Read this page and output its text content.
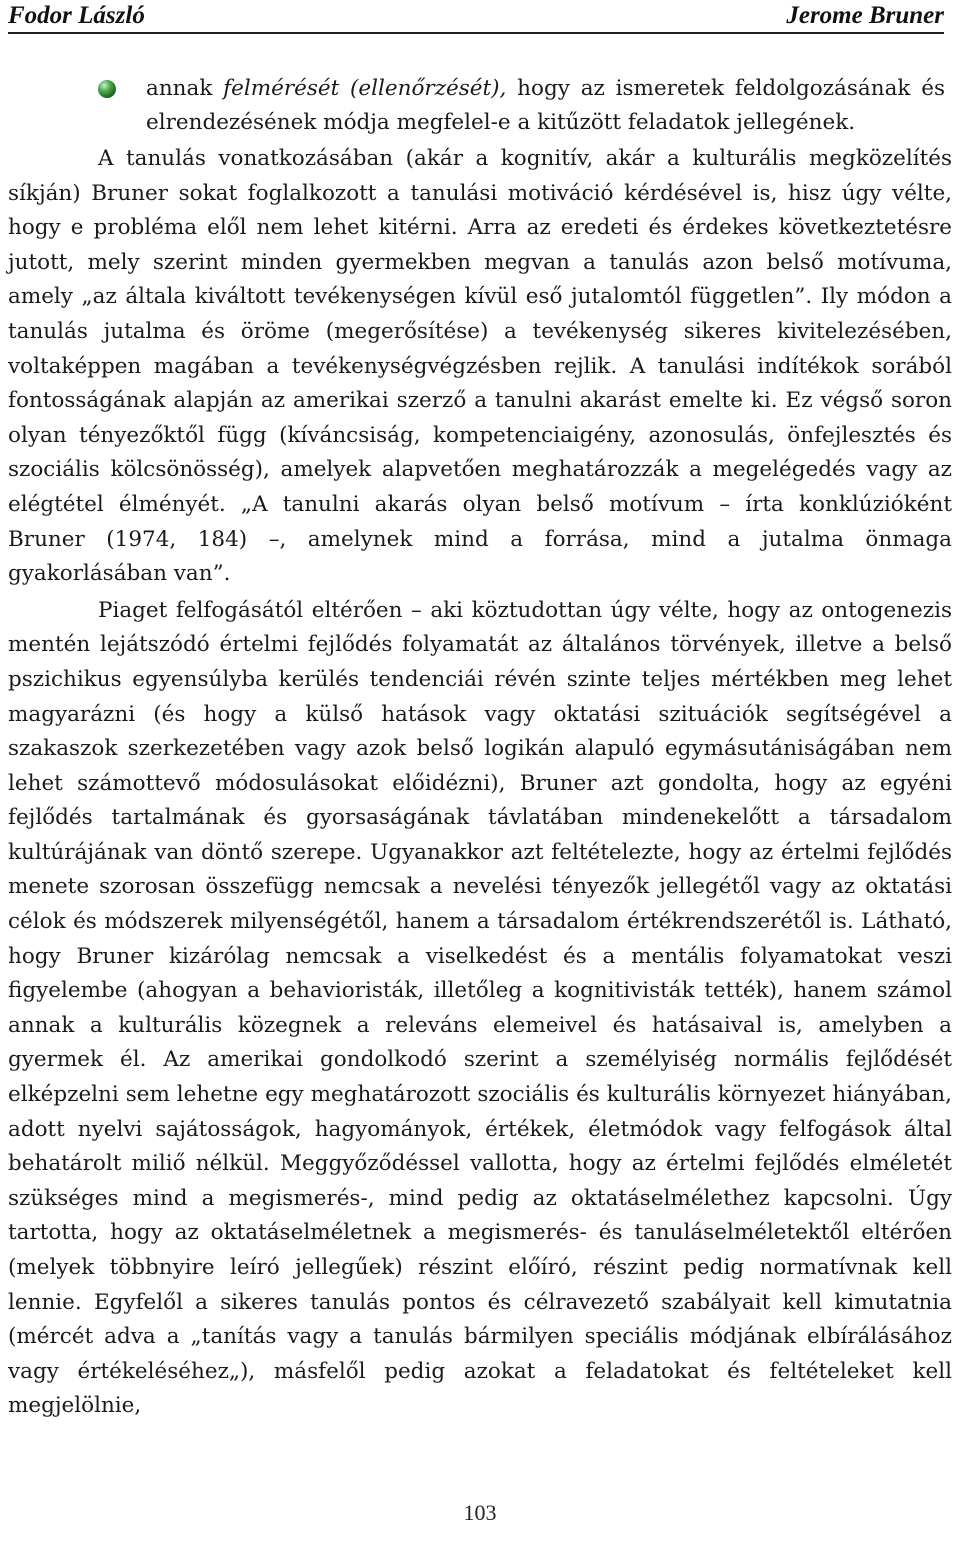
Fodor László	Jerome Bruner
annak felmérését (ellenőrzését), hogy az ismeretek feldolgozásának és elrendezésének módja megfelel-e a kitűzött feladatok jellegének.

A tanulás vonatkozásában (akár a kognitív, akár a kulturális megközelítés síkján) Bruner sokat foglalkozott a tanulási motiváció kérdésével is, hisz úgy vélte, hogy e probléma elől nem lehet kitérni. Arra az eredeti és érdekes következtetésre jutott, mely szerint minden gyermekben megvan a tanulás azon belső motívuma, amely „az általa kiváltott tevékenységen kívül eső jutalomtól független”. Ily módon a tanulás jutalma és öröme (megerősítése) a tevékenység sikeres kivitelezésében, voltaképpen magában a tevékenységvégzésben rejlik. A tanulási indítékok sorából fontosságának alapján az amerikai szerző a tanulni akarást emelte ki. Ez végső soron olyan tényezőktől függ (kíváncsiság, kompetenciaigény, azonosulás, önfejlesztés és szociális kölcsönösség), amelyek alapvetően meghatározzák a megelégedés vagy az elégtétel élményét. „A tanulni akarás olyan belső motívum – írta konklúzióként Bruner (1974, 184) –, amelynek mind a forrása, mind a jutalma önmaga gyakorlásában van”.

Piaget felfogásától eltérően – aki köztudottan úgy vélte, hogy az ontogenezis mentén lejátszódó értelmi fejlődés folyamatát az általános törvények, illetve a belső pszichikus egyensúlyba kerülés tendenciái révén szinte teljes mértékben meg lehet magyarázni (és hogy a külső hatások vagy oktatási szituációk segítségével a szakaszok szerkezetében vagy azok belső logikán alapuló egymásutániságában nem lehet számottevő módosulásokat előidézni), Bruner azt gondolta, hogy az egyéni fejlődés tartalmának és gyorsaságának távlatában mindenekelőtt a társadalom kultúrájának van döntő szerepe. Ugyanakkor azt feltételezte, hogy az értelmi fejlődés menete szorosan összefügg nemcsak a nevelési tényezők jellegétől vagy az oktatási célok és módszerek milyenségétől, hanem a társadalom értékrendszerétől is. Látható, hogy Bruner kizárólag nemcsak a viselkedést és a mentális folyamatokat veszi figyelembe (ahogyan a behavioristák, illetőleg a kognitivisták tették), hanem számol annak a kulturális közegnek a releváns elemeivel és hatásaival is, amelyben a gyermek él. Az amerikai gondolkodó szerint a személyiség normális fejlődését elképzelni sem lehetne egy meghatározott szociális és kulturális környezet hiányában, adott nyelvi sajátosságok, hagyományok, értékek, életmódok vagy felfogások által behatárolt miliő nélkül. Meggyőződéssel vallotta, hogy az értelmi fejlődés elméletét szükséges mind a megismerés-, mind pedig az oktatáselmélethez kapcsolni. Úgy tartotta, hogy az oktatáselméletnek a megismerés- és tanuláselméletektől eltérően (melyek többnyire leíró jellegűek) részint előíró, részint pedig normatívnak kell lennie. Egyfelől a sikeres tanulás pontos és célravezető szabályait kell kimutatnia (mércét adva a „tanítás vagy a tanulás bármilyen speciális módjának elbírálásához vagy értékeléséhez„), másfelől pedig azokat a feladatokat és feltételeket kell megjelölnie,

103
